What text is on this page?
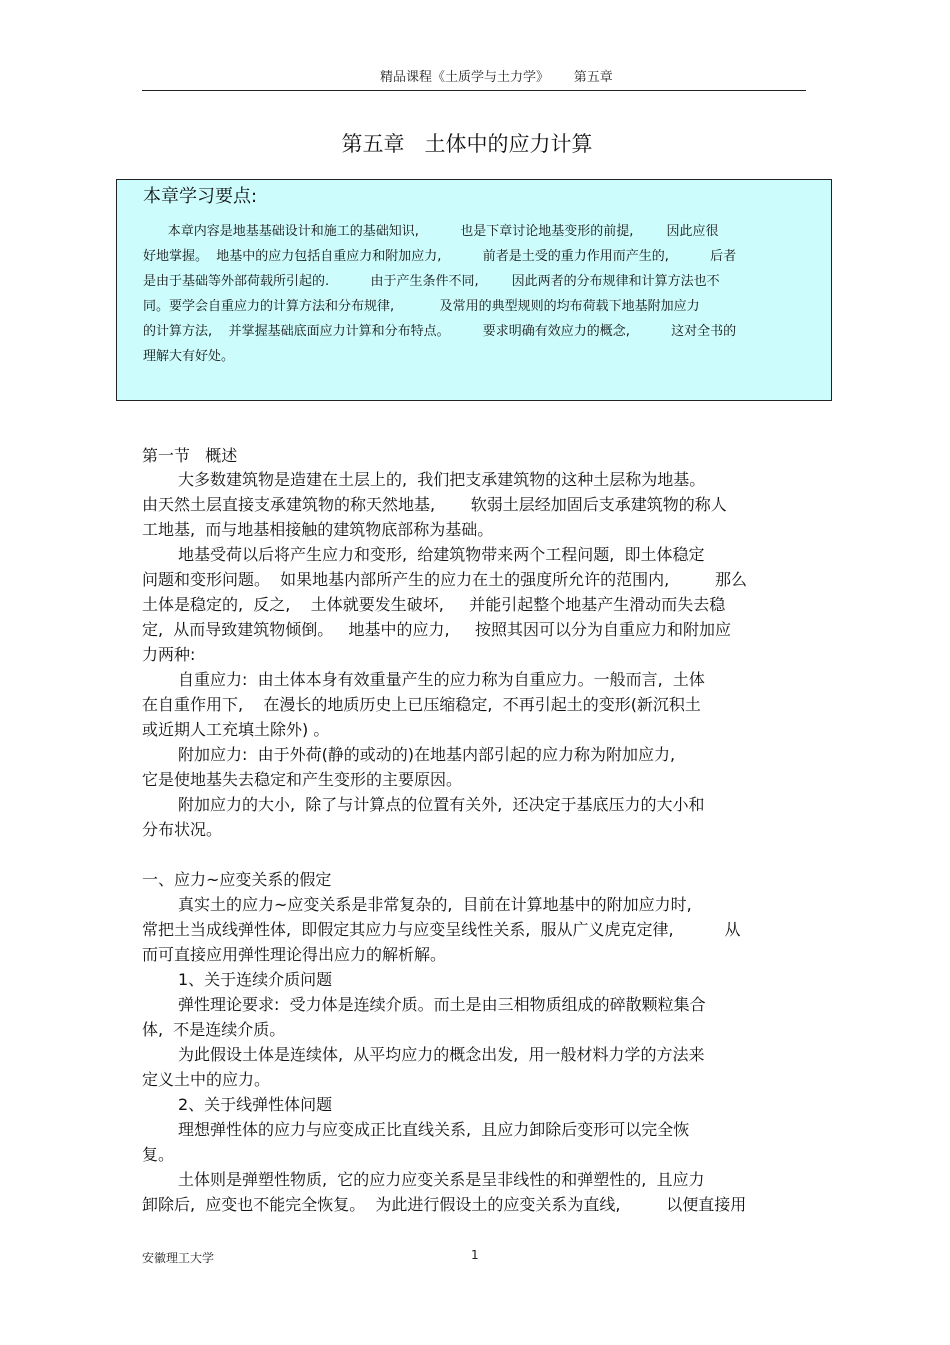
精品课程《土质学与土力学》      第五章
第五章   土体中的应力计算
本章学习要点:
本章内容是地基基础设计和施工的基础知识,          也是下章讨论地基变形的前提,        因此应很
好地掌握。  地基中的应力包括自重应力和附加应力,          前者是土受的重力作用而产生的,          后者
是由于基础等外部荷载所引起的.          由于产生条件不同,        因此两者的分布规律和计算方法也不
同。要学会自重应力的计算方法和分布规律,           及常用的典型规则的均布荷载下地基附加应力
的计算方法,    并掌握基础底面应力计算和分布特点。        要求明确有效应力的概念,          这对全书的
理解大有好处。
第一节   概述
大多数建筑物是造建在土层上的,  我们把支承建筑物的这种土层称为地基。
由天然土层直接支承建筑物的称天然地基,       软弱土层经加固后支承建筑物的称人
工地基,  而与地基相接触的建筑物底部称为基础。
地基受荷以后将产生应力和变形,  给建筑物带来两个工程问题,  即土体稳定
问题和变形问题。  如果地基内部所产生的应力在土的强度所允许的范围内,         那么
土体是稳定的,  反之,    土体就要发生破坏,     并能引起整个地基产生滑动而失去稳
定,  从而导致建筑物倾倒。   地基中的应力,     按照其因可以分为自重应力和附加应
力两种:
自重应力:  由土体本身有效重量产生的应力称为自重应力。一般而言,  土体
在自重作用下,    在漫长的地质历史上已压缩稳定,  不再引起土的变形(新沉积土
或近期人工充填土除外) 。
附加应力:  由于外荷(静的或动的)在地基内部引起的应力称为附加应力,
它是使地基失去稳定和产生变形的主要原因。
附加应力的大小,  除了与计算点的位置有关外,  还决定于基底压力的大小和
分布状况。
一、应力~应变关系的假定
真实土的应力~应变关系是非常复杂的,  目前在计算地基中的附加应力时,
常把土当成线弹性体,  即假定其应力与应变呈线性关系,  服从广义虎克定律,          从
而可直接应用弹性理论得出应力的解析解。
1、关于连续介质问题
弹性理论要求:  受力体是连续介质。而土是由三相物质组成的碎散颗粒集合
体,  不是连续介质。
为此假设土体是连续体,  从平均应力的概念出发,  用一般材料力学的方法来
定义土中的应力。
2、关于线弹性体问题
理想弹性体的应力与应变成正比直线关系,  且应力卸除后变形可以完全恢
复。
土体则是弹塑性物质,  它的应力应变关系是呈非线性的和弹塑性的,  且应力
卸除后,  应变也不能完全恢复。  为此进行假设土的应变关系为直线,         以便直接用
安徽理工大学	1
